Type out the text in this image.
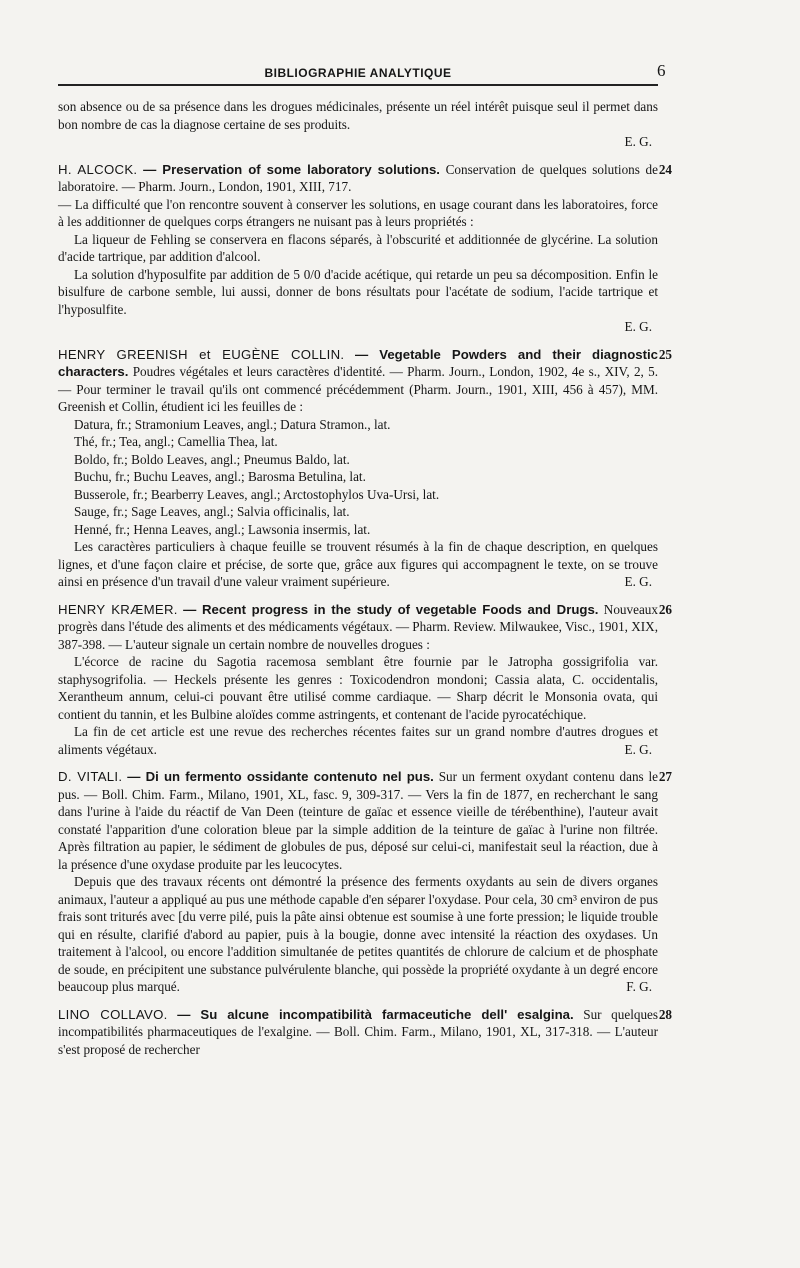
BIBLIOGRAPHIE ANALYTIQUE	6

son absence ou de sa présence dans les drogues médicinales, présente un réel intérêt puisque seul il permet dans bon nombre de cas la diagnose certaine de ses produits.

E. G.

24
H. ALCOCK. — Preservation of some laboratory solutions. Conservation de quelques solutions de laboratoire. — Pharm. Journ., London, 1901, XIII, 717.

— La difficulté que l'on rencontre souvent à conserver les solutions, en usage courant dans les laboratoires, force à les additionner de quelques corps étrangers ne nuisant pas à leurs propriétés :

La liqueur de Fehling se conservera en flacons séparés, à l'obscurité et additionnée de glycérine. La solution d'acide tartrique, par addition d'alcool.

La solution d'hyposulfite par addition de 5 0/0 d'acide acétique, qui retarde un peu sa décomposition. Enfin le bisulfure de carbone semble, lui aussi, donner de bons résultats pour l'acétate de sodium, l'acide tartrique et l'hyposulfite.

E. G.

25
HENRY GREENISH et EUGÈNE COLLIN. — Vegetable Powders and their diagnostic characters. Poudres végétales et leurs caractères d'identité. — Pharm. Journ., London, 1902, 4e s., XIV, 2, 5. — Pour terminer le travail qu'ils ont commencé précédemment (Pharm. Journ., 1901, XIII, 456 à 457), MM. Greenish et Collin, étudient ici les feuilles de :

Datura, fr.; Stramonium Leaves, angl.; Datura Stramon., lat.
Thé, fr.; Tea, angl.; Camellia Thea, lat.
Boldo, fr.; Boldo Leaves, angl.; Pneumus Baldo, lat.
Buchu, fr.; Buchu Leaves, angl.; Barosma Betulina, lat.
Busserole, fr.; Bearberry Leaves, angl.; Arctostophylos Uva-Ursi, lat.
Sauge, fr.; Sage Leaves, angl.; Salvia officinalis, lat.
Henné, fr.; Henna Leaves, angl.; Lawsonia insermis, lat.

Les caractères particuliers à chaque feuille se trouvent résumés à la fin de chaque description, en quelques lignes, et d'une façon claire et précise, de sorte que, grâce aux figures qui accompagnent le texte, on se trouve ainsi en présence d'un travail d'une valeur vraiment supérieure.	E. G.

26
HENRY KRÆMER. — Recent progress in the study of vegetable Foods and Drugs. Nouveaux progrès dans l'étude des aliments et des médicaments végétaux. — Pharm. Review. Milwaukee, Visc., 1901, XIX, 387-398. — L'auteur signale un certain nombre de nouvelles drogues :

L'écorce de racine du Sagotia racemosa semblant être fournie par le Jatropha gossigrifolia var. staphysogrifolia. — Heckels présente les genres : Toxicodendron mondoni; Cassia alata, C. occidentalis, Xerantheum annum, celui-ci pouvant être utilisé comme cardiaque. — Sharp décrit le Monsonia ovata, qui contient du tannin, et les Bulbine aloïdes comme astringents, et contenant de l'acide pyrocatéchique.

La fin de cet article est une revue des recherches récentes faites sur un grand nombre d'autres drogues et aliments végétaux.	E. G.

27
D. VITALI. — Di un fermento ossidante contenuto nel pus. Sur un ferment oxydant contenu dans le pus. — Boll. Chim. Farm., Milano, 1901, XL, fasc. 9, 309-317. — Vers la fin de 1877, en recherchant le sang dans l'urine à l'aide du réactif de Van Deen (teinture de gaïac et essence vieille de térébenthine), l'auteur avait constaté l'apparition d'une coloration bleue par la simple addition de la teinture de gaïac à l'urine non filtrée. Après filtration au papier, le sédiment de globules de pus, déposé sur celui-ci, manifestait seul la réaction, due à la présence d'une oxydase produite par les leucocytes.

Depuis que des travaux récents ont démontré la présence des ferments oxydants au sein de divers organes animaux, l'auteur a appliqué au pus une méthode capable d'en séparer l'oxydase. Pour cela, 30 cm³ environ de pus frais sont triturés avec [du verre pilé, puis la pâte ainsi obtenue est soumise à une forte pression; le liquide trouble qui en résulte, clarifié d'abord au papier, puis à la bougie, donne avec intensité la réaction des oxydases. Un traitement à l'alcool, ou encore l'addition simultanée de petites quantités de chlorure de calcium et de phosphate de soude, en précipitent une substance pulvérulente blanche, qui possède la propriété oxydante à un degré encore beaucoup plus marqué.	F. G.

28
LINO COLLAVO. — Su alcune incompatibilità farmaceutiche dell' esalgina. Sur quelques incompatibilités pharmaceutiques de l'exalgine. — Boll. Chim. Farm., Milano, 1901, XL, 317-318. — L'auteur s'est proposé de rechercher
